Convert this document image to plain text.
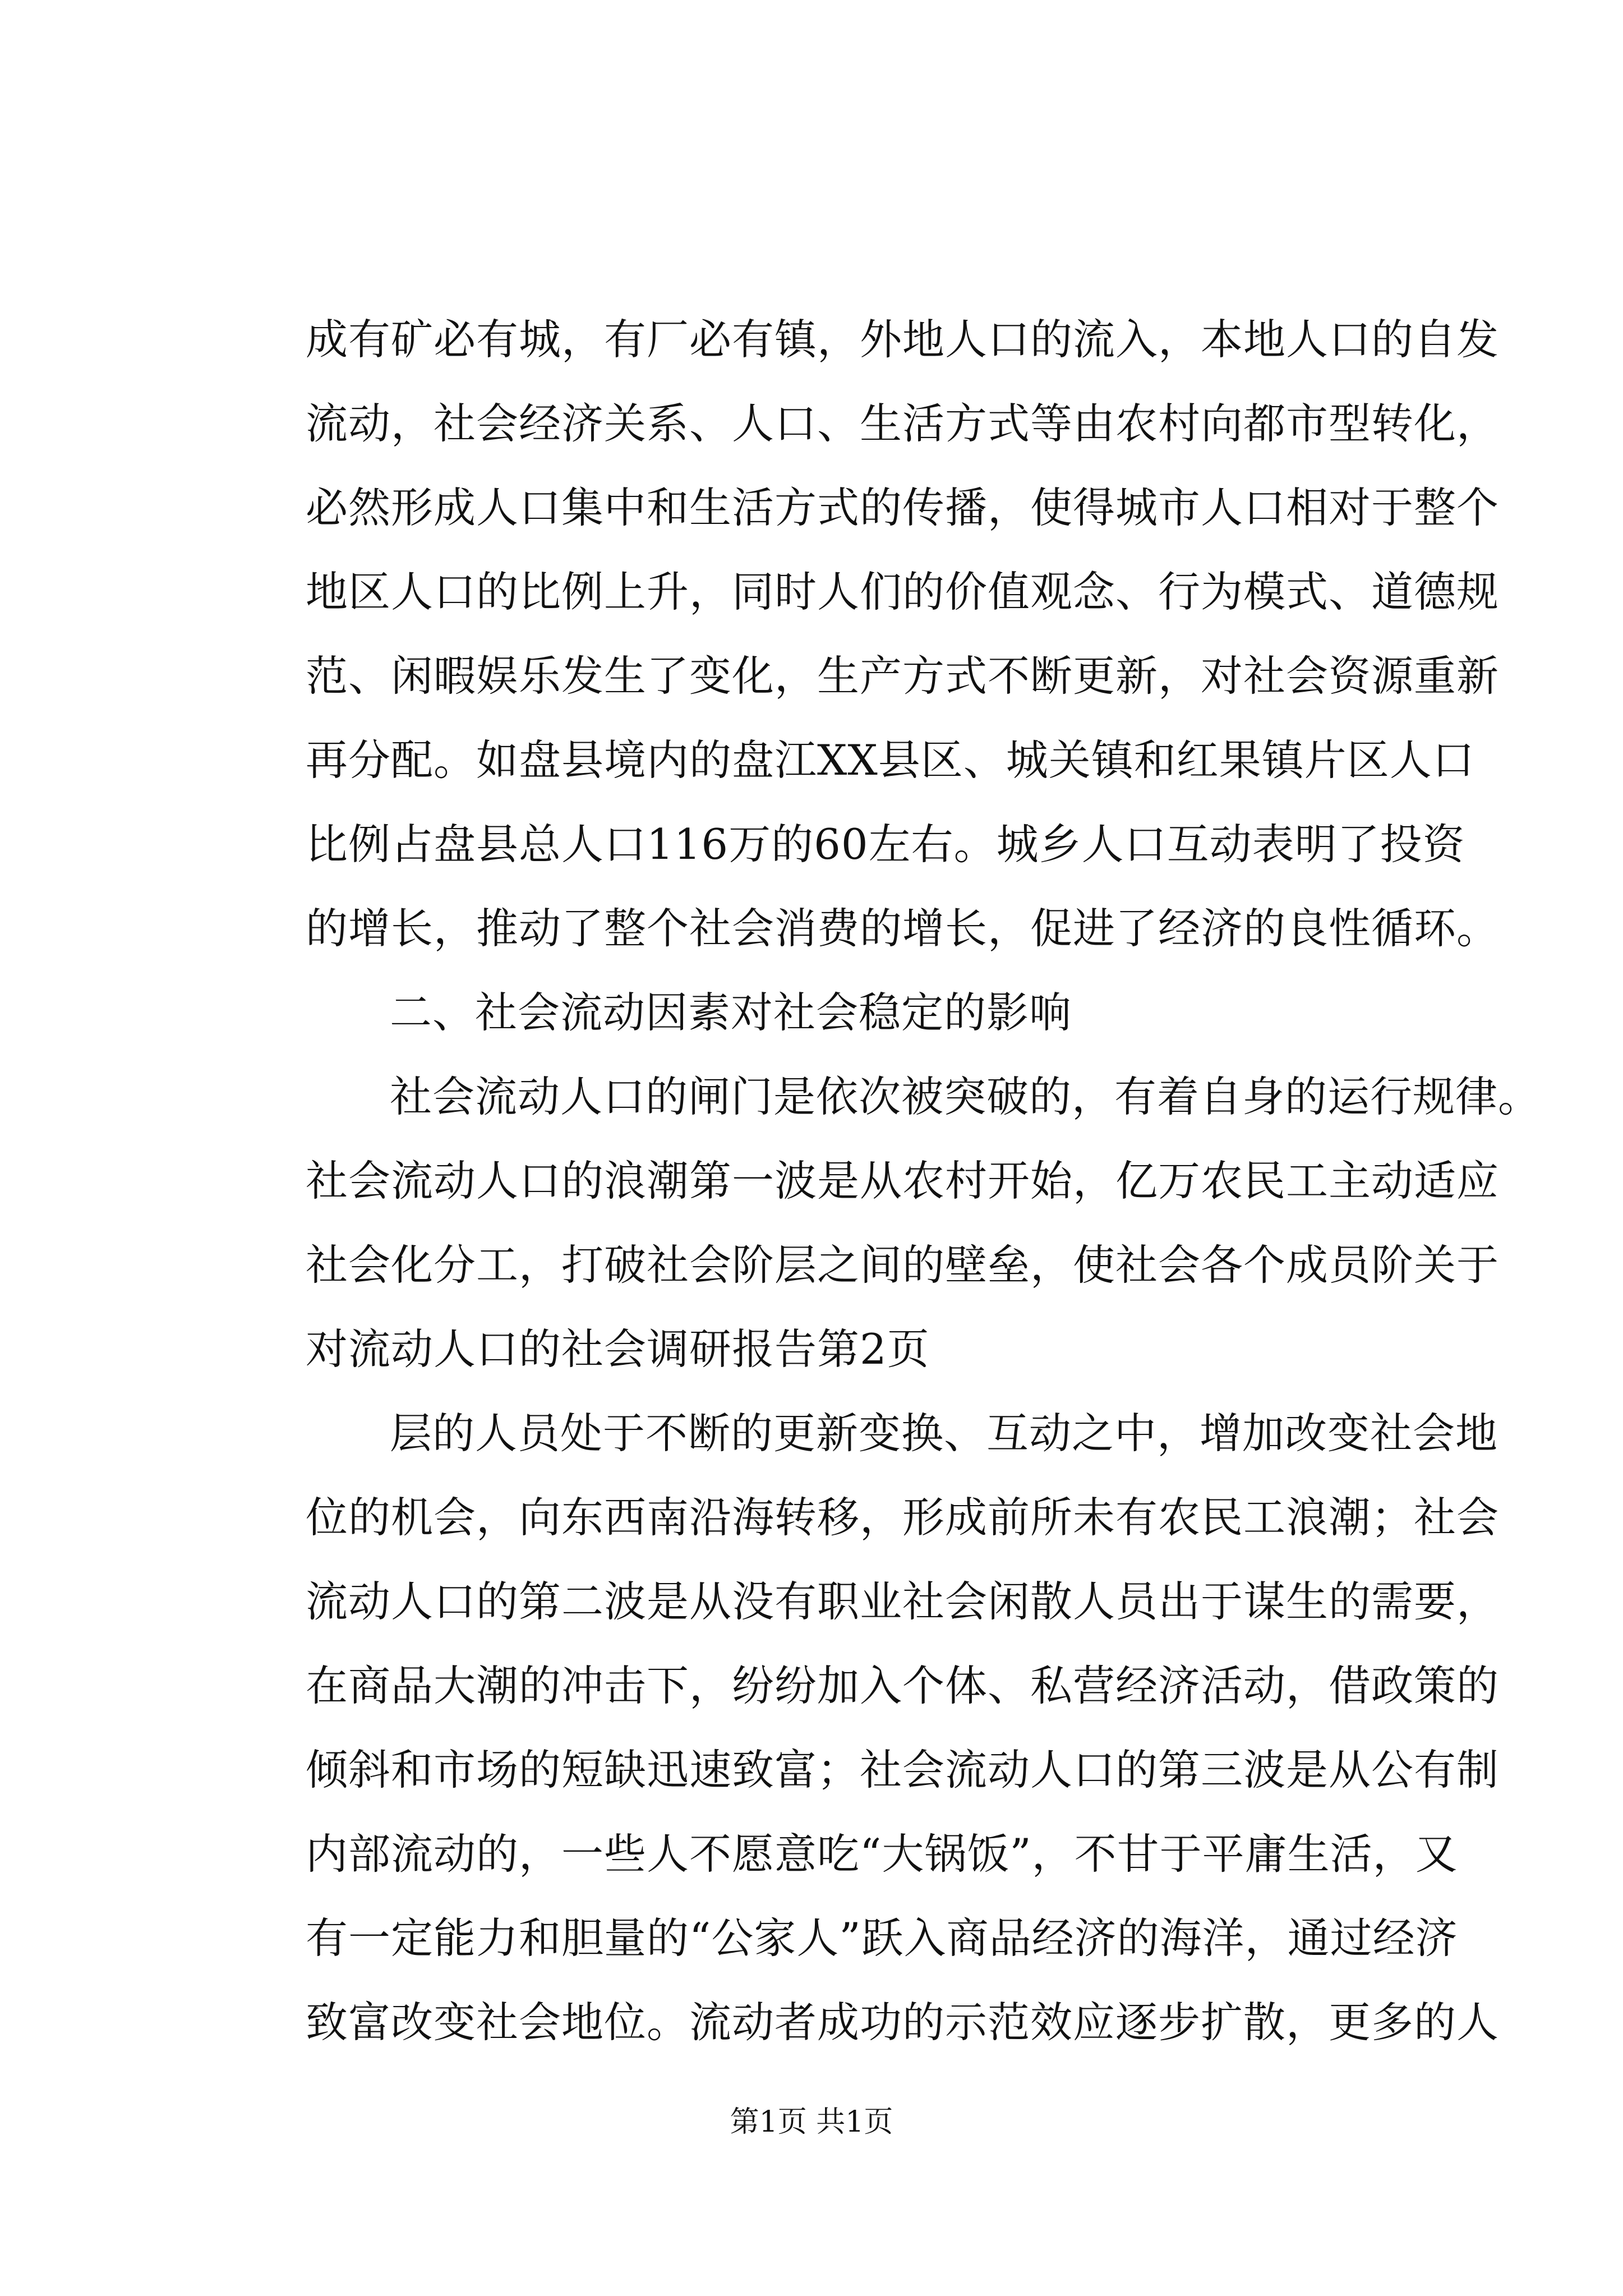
成有矿必有城，有厂必有镇，外地人口的流入，本地人口的自发
流动，社会经济关系、人口、生活方式等由农村向都市型转化，
必然形成人口集中和生活方式的传播，使得城市人口相对于整个
地区人口的比例上升，同时人们的价值观念、行为模式、道德规
范、闲暇娱乐发生了变化，生产方式不断更新，对社会资源重新
再分配。如盘县境内的盘江XX县区、城关镇和红果镇片区人口
比例占盘县总人口116万的60左右。城乡人口互动表明了投资
的增长，推动了整个社会消费的增长，促进了经济的良性循环。
二、社会流动因素对社会稳定的影响
社会流动人口的闸门是依次被突破的，有着自身的运行规律。
社会流动人口的浪潮第一波是从农村开始，亿万农民工主动适应
社会化分工，打破社会阶层之间的壁垒，使社会各个成员阶关于
对流动人口的社会调研报告第2页
层的人员处于不断的更新变换、互动之中，增加改变社会地
位的机会，向东西南沿海转移，形成前所未有农民工浪潮；社会
流动人口的第二波是从没有职业社会闲散人员出于谋生的需要，
在商品大潮的冲击下，纷纷加入个体、私营经济活动，借政策的
倾斜和市场的短缺迅速致富；社会流动人口的第三波是从公有制
内部流动的，一些人不愿意吃“大锅饭”，不甘于平庸生活，又
有一定能力和胆量的“公家人”跃入商品经济的海洋，通过经济
致富改变社会地位。流动者成功的示范效应逐步扩散，更多的人
第1页 共1页
